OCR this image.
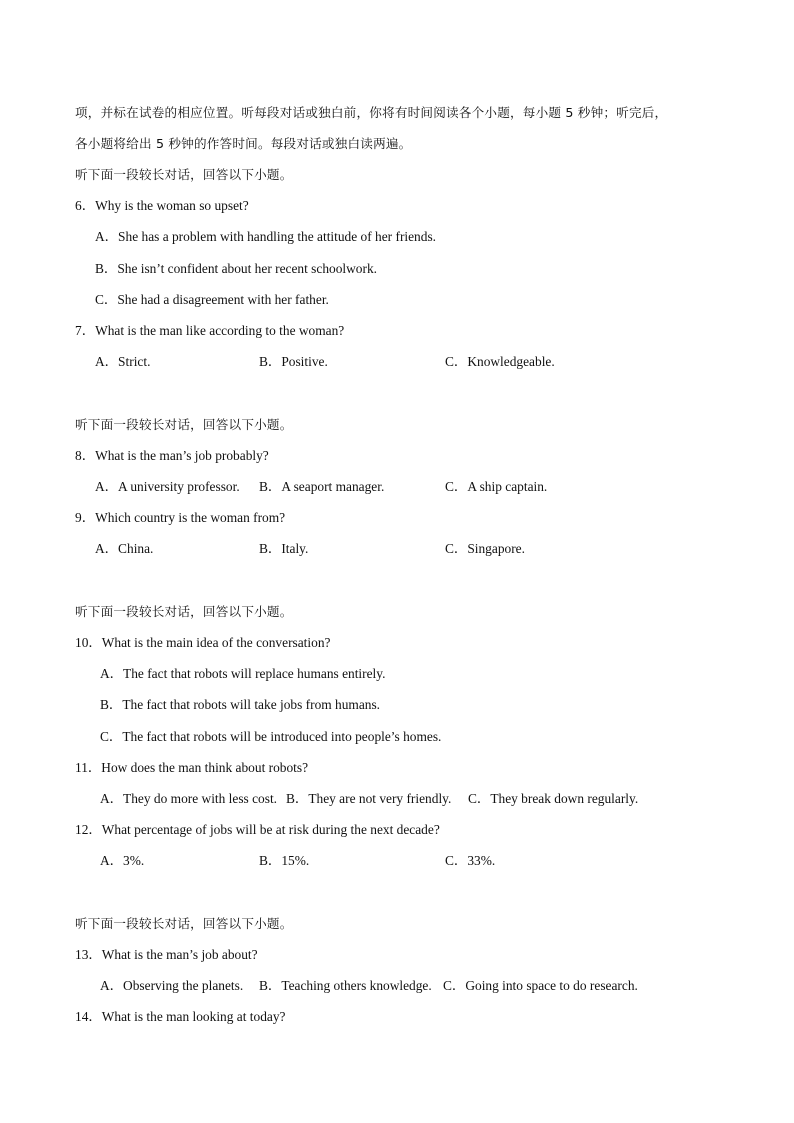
项，并标在试卷的相应位置。听每段对话或独白前，你将有时间阅读各个小题，每小题 5 秒钟；听完后，
各小题将给出 5 秒钟的作答时间。每段对话或独白读两遍。
听下面一段较长对话，回答以下小题。
6．Why is the woman so upset?
A．She has a problem with handling the attitude of her friends.
B．She isn’t confident about her recent schoolwork.
C．She had a disagreement with her father.
7．What is the man like according to the woman?
A．Strict.	B．Positive.	C．Knowledgeable.
听下面一段较长对话，回答以下小题。
8．What is the man’s job probably?
A．A university professor. B．A seaport manager.	C．A ship captain.
9．Which country is the woman from?
A．China.	B．Italy.	C．Singapore.
听下面一段较长对话，回答以下小题。
10．What is the main idea of the conversation?
A．The fact that robots will replace humans entirely.
B．The fact that robots will take jobs from humans.
C．The fact that robots will be introduced into people’s homes.
11．How does the man think about robots?
A．They do more with less cost. B．They are not very friendly. C．They break down regularly.
12．What percentage of jobs will be at risk during the next decade?
A．3%.	B．15%.	C．33%.
听下面一段较长对话，回答以下小题。
13．What is the man’s job about?
A．Observing the planets. B．Teaching others knowledge. C．Going into space to do research.
14．What is the man looking at today?
